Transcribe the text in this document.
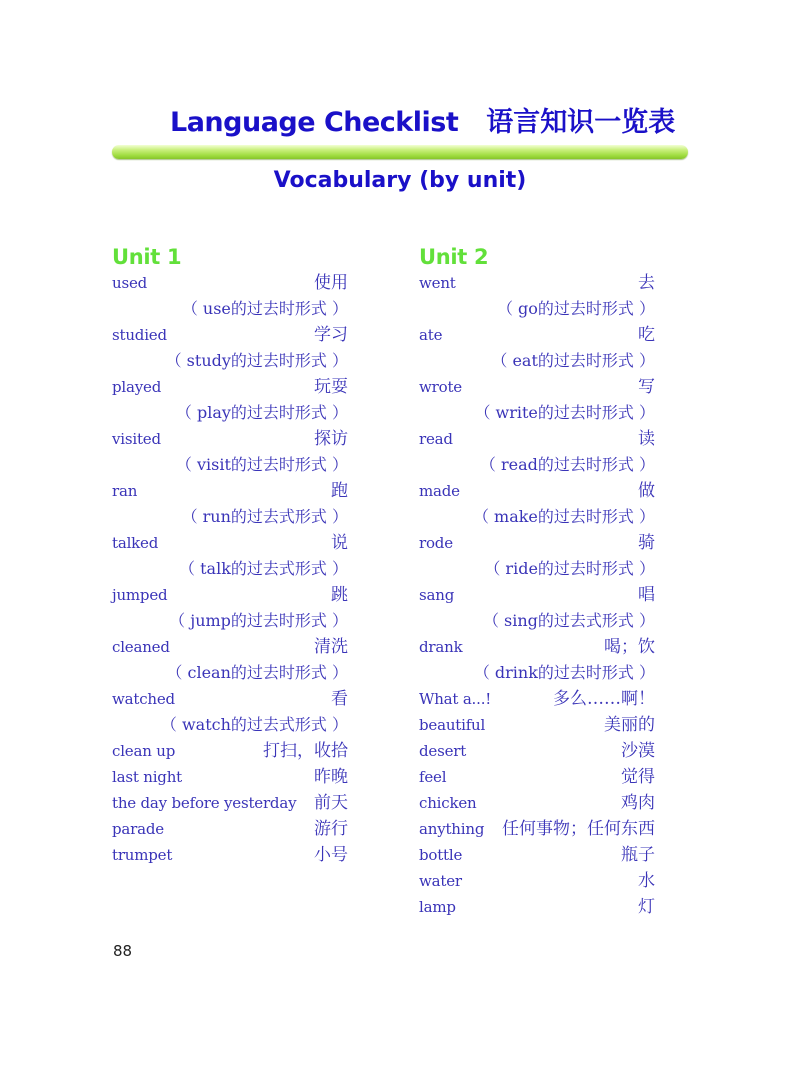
Language Checklist 语言知识一览表
Vocabulary (by unit)
Unit 1
used	使用
（ use的过去时形式 ）
studied	学习
（ study的过去时形式 ）
played	玩耍
（ play的过去时形式 ）
visited	探访
（ visit的过去时形式 ）
ran	跑
（ run的过去式形式 ）
talked	说
（ talk的过去式形式 ）
jumped	跳
（ jump的过去时形式 ）
cleaned	清洗
（ clean的过去时形式 ）
watched	看
（ watch的过去式形式 ）
clean up	打扫，收拾
last night	昨晚
the day before yesterday 前天
parade	游行
trumpet	小号
Unit 2
went	去
（ go的过去时形式 ）
ate	吃
（ eat的过去时形式 ）
wrote	写
（ write的过去时形式 ）
read	读
（ read的过去时形式 ）
made	做
（ make的过去时形式 ）
rode	骑
（ ride的过去时形式 ）
sang	唱
（ sing的过去式形式 ）
drank	喝；饮
（ drink的过去时形式 ）
What a...!	多么……啊！
beautiful	美丽的
desert	沙漠
feel	觉得
chicken	鸡肉
anything 任何事物；任何东西
bottle	瓶子
water	水
lamp	灯
88
